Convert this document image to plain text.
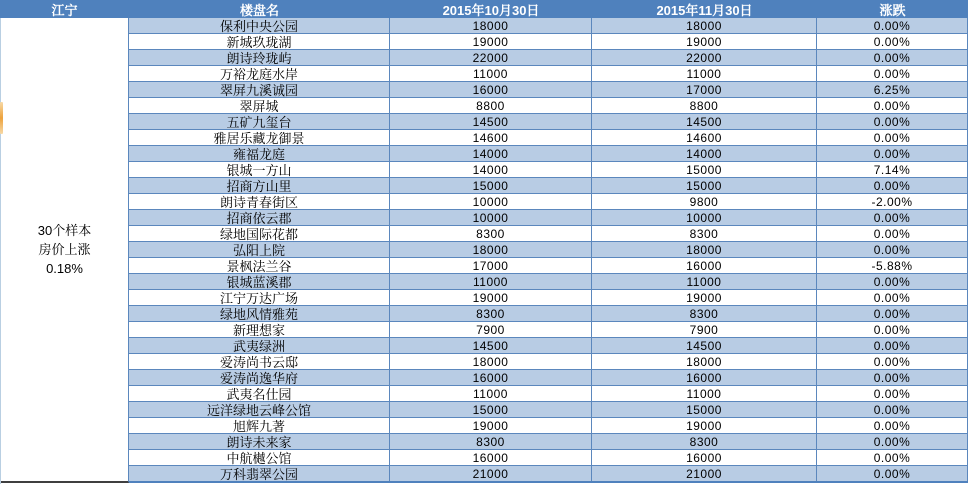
江宁	楼盘名	2015年10月30日	2015年11月30日	涨跌
30个样本
房价上涨
0.18%
保利中央公园	18000	18000	0.00%
新城玖珑湖	19000	19000	0.00%
朗诗玲珑屿	22000	22000	0.00%
万裕龙庭水岸	11000	11000	0.00%
翠屏九溪诚园	16000	17000	6.25%
翠屏城	8800	8800	0.00%
五矿九玺台	14500	14500	0.00%
雅居乐藏龙御景	14600	14600	0.00%
雍福龙庭	14000	14000	0.00%
银城一方山	14000	15000	7.14%
招商方山里	15000	15000	0.00%
朗诗青春街区	10000	9800	-2.00%
招商依云郡	10000	10000	0.00%
绿地国际花都	8300	8300	0.00%
弘阳上院	18000	18000	0.00%
景枫法兰谷	17000	16000	-5.88%
银城蓝溪郡	11000	11000	0.00%
江宁万达广场	19000	19000	0.00%
绿地风情雅苑	8300	8300	0.00%
新理想家	7900	7900	0.00%
武夷绿洲	14500	14500	0.00%
爱涛尚书云邸	18000	18000	0.00%
爱涛尚逸华府	16000	16000	0.00%
武夷名仕园	11000	11000	0.00%
远洋绿地云峰公馆	15000	15000	0.00%
旭辉九著	19000	19000	0.00%
朗诗未来家	8300	8300	0.00%
中航樾公馆	16000	16000	0.00%
万科翡翠公园	21000	21000	0.00%
